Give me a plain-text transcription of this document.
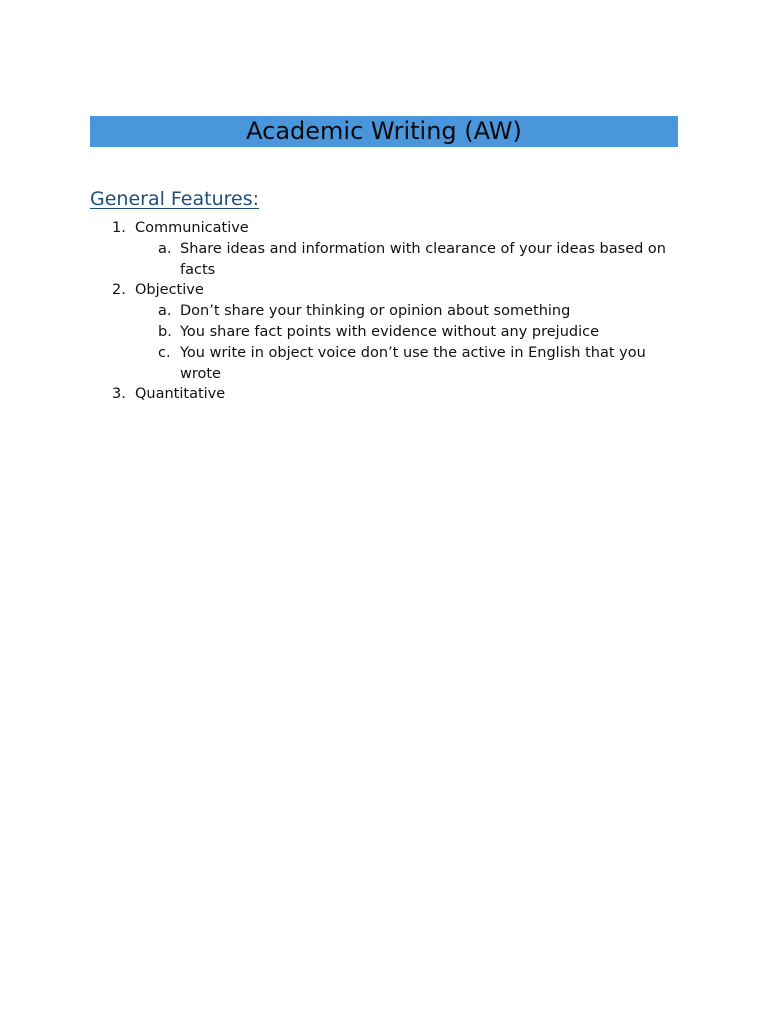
Academic Writing (AW)
General Features:
1. Communicative
a. Share ideas and information with clearance of your ideas based on facts
2. Objective
a. Don’t share your thinking or opinion about something
b. You share fact points with evidence without any prejudice
c. You write in object voice don’t use the active in English that you wrote
3. Quantitative
